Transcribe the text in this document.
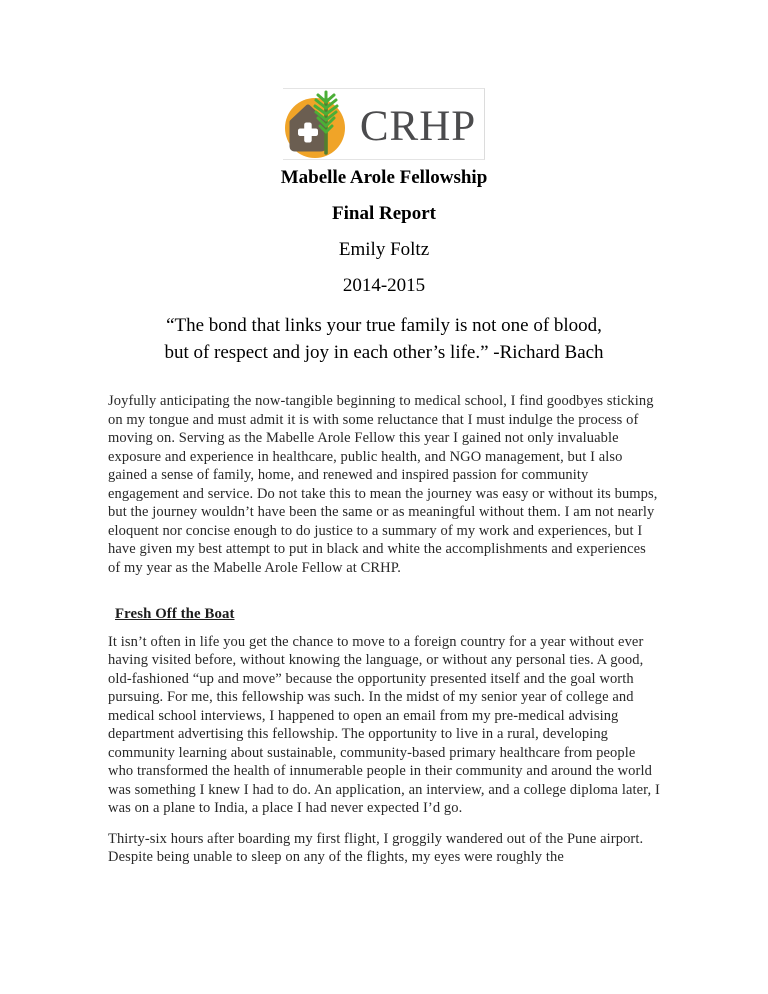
CRHP
Mabelle Arole Fellowship
Final Report
Emily Foltz
2014-2015
“The bond that links your true family is not one of blood, but of respect and joy in each other’s life.” -Richard Bach

Joyfully anticipating the now-tangible beginning to medical school, I find goodbyes sticking on my tongue and must admit it is with some reluctance that I must indulge the process of moving on. Serving as the Mabelle Arole Fellow this year I gained not only invaluable exposure and experience in healthcare, public health, and NGO management, but I also gained a sense of family, home, and renewed and inspired passion for community engagement and service. Do not take this to mean the journey was easy or without its bumps, but the journey wouldn’t have been the same or as meaningful without them. I am not nearly eloquent nor concise enough to do justice to a summary of my work and experiences, but I have given my best attempt to put in black and white the accomplishments and experiences of my year as the Mabelle Arole Fellow at CRHP.

Fresh Off the Boat

It isn’t often in life you get the chance to move to a foreign country for a year without ever having visited before, without knowing the language, or without any personal ties. A good, old-fashioned “up and move” because the opportunity presented itself and the goal worth pursuing. For me, this fellowship was such. In the midst of my senior year of college and medical school interviews, I happened to open an email from my pre-medical advising department advertising this fellowship. The opportunity to live in a rural, developing community learning about sustainable, community-based primary healthcare from people who transformed the health of innumerable people in their community and around the world was something I knew I had to do. An application, an interview, and a college diploma later, I was on a plane to India, a place I had never expected I’d go.

Thirty-six hours after boarding my first flight, I groggily wandered out of the Pune airport. Despite being unable to sleep on any of the flights, my eyes were roughly the
